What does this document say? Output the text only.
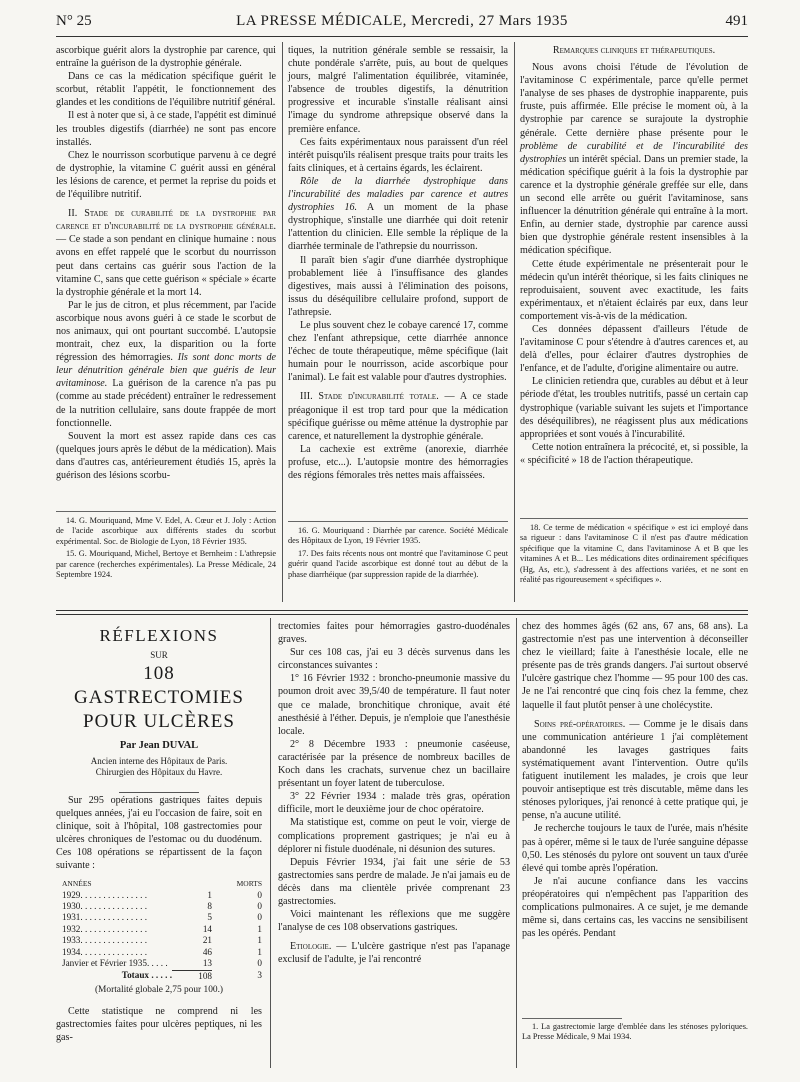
N° 25	LA PRESSE MÉDICALE, Mercredi, 27 Mars 1935	491

ascorbique guérit alors la dystrophie par carence, qui entraîne la guérison de la dystrophie générale.

Dans ce cas la médication spécifique guérit le scorbut, rétablit l'appétit, le fonctionnement des glandes et les conditions de l'équilibre nutritif général.

Il est à noter que si, à ce stade, l'appétit est diminué les troubles digestifs (diarrhée) ne sont pas encore installés.

Chez le nourrisson scorbutique parvenu à ce degré de dystrophie, la vitamine C guérit aussi en général les lésions de carence, et permet la reprise du poids et de l'équilibre nutritif.

II. Stade de curabilité de la dystrophie par carence et d'incurabilité de la dystrophie générale. — Ce stade a son pendant en clinique humaine : nous avons en effet rappelé que le scorbut du nourrisson peut dans certains cas guérir sous l'action de la vitamine C, sans que cette guérison « spéciale » écarte la dystrophie générale et la mort 14.

Par le jus de citron, et plus récemment, par l'acide ascorbique nous avons guéri à ce stade le scorbut de nos animaux, qui ont pourtant succombé. L'autopsie montrait, chez eux, la disparition ou la forte régression des hémorragies. Ils sont donc morts de leur dénutrition générale bien que guéris de leur avitaminose. La guérison de la carence n'a pas pu (comme au stade précédent) entraîner le redressement de la nutrition cellulaire, sans doute frappée de mort fonctionnelle.

Souvent la mort est assez rapide dans ces cas (quelques jours après le début de la médication). Mais dans d'autres cas, antérieurement étudiés 15, après la guérison des lésions scorbu-

14. G. Mouriquand, Mme V. Edel, A. Cœur et J. Joly : Action de l'acide ascorbique aux différents stades du scorbut expérimental. Soc. de Biologie de Lyon, 18 Février 1935.

15. G. Mouriquand, Michel, Bertoye et Bernheim : L'athrepsie par carence (recherches expérimentales). La Presse Médicale, 24 Septembre 1924.

tiques, la nutrition générale semble se ressaisir, la chute pondérale s'arrête, puis, au bout de quelques jours, malgré l'alimentation équilibrée, vitaminée, l'absence de troubles digestifs, la dénutrition progressive et incurable s'installe réalisant ainsi l'image du syndrome athrepsique observé dans la première enfance.

Ces faits expérimentaux nous paraissent d'un réel intérêt puisqu'ils réalisent presque traits pour traits les faits cliniques, et à certains égards, les éclairent.

Rôle de la diarrhée dystrophique dans l'incurabilité des maladies par carence et autres dystrophies 16. A un moment de la phase dystrophique, s'installe une diarrhée qui doit retenir l'attention du clinicien. Elle semble la réplique de la diarrhée terminale de l'athrepsie du nourrisson.

Il paraît bien s'agir d'une diarrhée dystrophique probablement liée à l'insuffisance des glandes digestives, mais aussi à l'élimination des poisons, issus du déséquilibre cellulaire profond, support de l'athrepsie.

Le plus souvent chez le cobaye carencé 17, comme chez l'enfant athrepsique, cette diarrhée annonce l'échec de toute thérapeutique, même spécifique (lait humain pour le nourrisson, acide ascorbique pour l'animal). Le fait est valable pour d'autres dystrophies.

III. Stade d'incurabilité totale. — A ce stade préagonique il est trop tard pour que la médication spécifique guérisse ou même atténue la dystrophie par carence, et naturellement la dystrophie générale.

La cachexie est extrême (anorexie, diarrhée profuse, etc...). L'autopsie montre des hémorragies des régions fémorales très nettes mais affaissées.

16. G. Mouriquand : Diarrhée par carence. Société Médicale des Hôpitaux de Lyon, 19 Février 1935.

17. Des faits récents nous ont montré que l'avitaminose C peut guérir quand l'acide ascorbique est donné tout au début de la phase diarrhéique (par suppression rapide de la diarrhée).

Remarques cliniques et thérapeutiques.

Nous avons choisi l'étude de l'évolution de l'avitaminose C expérimentale, parce qu'elle permet l'analyse de ses phases de dystrophie inapparente, puis fruste, puis affirmée. Elle précise le moment où, à la dystrophie par carence se surajoute la dystrophie générale. Cette dernière phase présente pour le problème de curabilité et de l'incurabilité des dystrophies un intérêt spécial. Dans un premier stade, la médication spécifique guérit à la fois la dystrophie par carence et la dystrophie générale greffée sur elle, dans un second elle arrête ou guérit l'avitaminose, sans influencer la dénutrition générale qui entraîne à la mort. Enfin, au dernier stade, dystrophie par carence aussi bien que dystrophie générale restent insensibles à la médication spécifique.

Cette étude expérimentale ne présenterait pour le médecin qu'un intérêt théorique, si les faits cliniques ne reproduisaient, souvent avec exactitude, les faits expérimentaux, et n'étaient éclairés par eux, dans leur comportement vis-à-vis de la médication.

Ces données dépassent d'ailleurs l'étude de l'avitaminose C pour s'étendre à d'autres carences et, au delà d'elles, pour éclairer d'autres dystrophies de l'enfance, et de l'adulte, d'origine alimentaire ou autre.

Le clinicien retiendra que, curables au début et à leur période d'état, les troubles nutritifs, passé un certain cap dystrophique (variable suivant les sujets et l'importance des déséquilibres), ne réagissent plus aux médications appropriées et sont voués à l'incurabilité.

Cette notion entraînera la précocité, et, si possible, la « spécificité » 18 de l'action thérapeutique.

18. Ce terme de médication « spécifique » est ici employé dans sa rigueur : dans l'avitaminose C il n'est pas d'autre médication spécifique que la vitamine C, dans l'avitaminose A et B que les vitamines A et B... Les médications dites ordinairement spécifiques (Hg, As, etc.), s'adressent à des affections variées, et ne sont en réalité pas rigoureusement « spécifiques ».

RÉFLEXIONS
SUR
108 GASTRECTOMIES
POUR ULCÈRES
Par Jean DUVAL
Ancien interne des Hôpitaux de Paris.
Chirurgien des Hôpitaux du Havre.

Sur 295 opérations gastriques faites depuis quelques années, j'ai eu l'occasion de faire, soit en clinique, soit à l'hôpital, 108 gastrectomies pour ulcères chroniques de l'estomac ou du duodénum. Ces 108 opérations se répartissent de la façon suivante :

ANNÉES	MORTS
1929. . . . . . . . . . . . . . .	1	0
1930. . . . . . . . . . . . . . .	8	0
1931. . . . . . . . . . . . . . .	5	0
1932. . . . . . . . . . . . . . .	14	1
1933. . . . . . . . . . . . . . .	21	1
1934. . . . . . . . . . . . . . .	46	1
Janvier et Février 1935. . . . .	13	0
Totaux . . . . .	108	3
(Mortalité globale 2,75 pour 100.)

Cette statistique ne comprend ni les gastrectomies faites pour ulcères peptiques, ni les gas-

trectomies faites pour hémorragies gastro-duodénales graves.

Sur ces 108 cas, j'ai eu 3 décès survenus dans les circonstances suivantes :

1° 16 Février 1932 : broncho-pneumonie massive du poumon droit avec 39,5/40 de température. Il faut noter que ce malade, bronchitique chronique, avait été anesthésié à l'éther. Depuis, je n'emploie que l'anesthésie locale.

2° 8 Décembre 1933 : pneumonie caséeuse, caractérisée par la présence de nombreux bacilles de Koch dans les crachats, survenue chez un bacillaire présentant un foyer latent de tuberculose.

3° 22 Février 1934 : malade très gras, opération difficile, mort le deuxième jour de choc opératoire.

Ma statistique est, comme on peut le voir, vierge de complications proprement gastriques; je n'ai eu à déplorer ni fistule duodénale, ni désunion des sutures.

Depuis Février 1934, j'ai fait une série de 53 gastrectomies sans perdre de malade. Je n'ai jamais eu de décès dans ma clientèle privée comprenant 23 gastrectomies.

Voici maintenant les réflexions que me suggère l'analyse de ces 108 observations gastriques.

Etiologie. — L'ulcère gastrique n'est pas l'apanage exclusif de l'adulte, je l'ai rencontré

chez des hommes âgés (62 ans, 67 ans, 68 ans). La gastrectomie n'est pas une intervention à déconseiller chez le vieillard; faite à l'anesthésie locale, elle ne présente pas de très grands dangers. J'ai surtout observé l'ulcère gastrique chez l'homme — 95 pour 100 des cas. Je ne l'ai rencontré que cinq fois chez la femme, chez laquelle il faut plutôt penser à une cholécystite.

Soins pré-opératoires. — Comme je le disais dans une communication antérieure 1 j'ai complètement abandonné les lavages gastriques faits systématiquement avant l'intervention. Outre qu'ils fatiguent inutilement les malades, je crois que leur pouvoir antiseptique est très discutable, même dans les sténoses pyloriques, j'ai renoncé à cette pratique qui, je pense, n'a aucune utilité.

Je recherche toujours le taux de l'urée, mais n'hésite pas à opérer, même si le taux de l'urée sanguine dépasse 0,50. Les sténosés du pylore ont souvent un taux d'urée élevé qui tombe après l'opération.

Je n'ai aucune confiance dans les vaccins préopératoires qui n'empêchent pas l'apparition des complications pulmonaires. A ce sujet, je me demande même si, dans certains cas, les vaccins ne sensibilisent pas les opérés. Pendant

1. La gastrectomie large d'emblée dans les sténoses pyloriques. La Presse Médicale, 9 Mai 1934.
